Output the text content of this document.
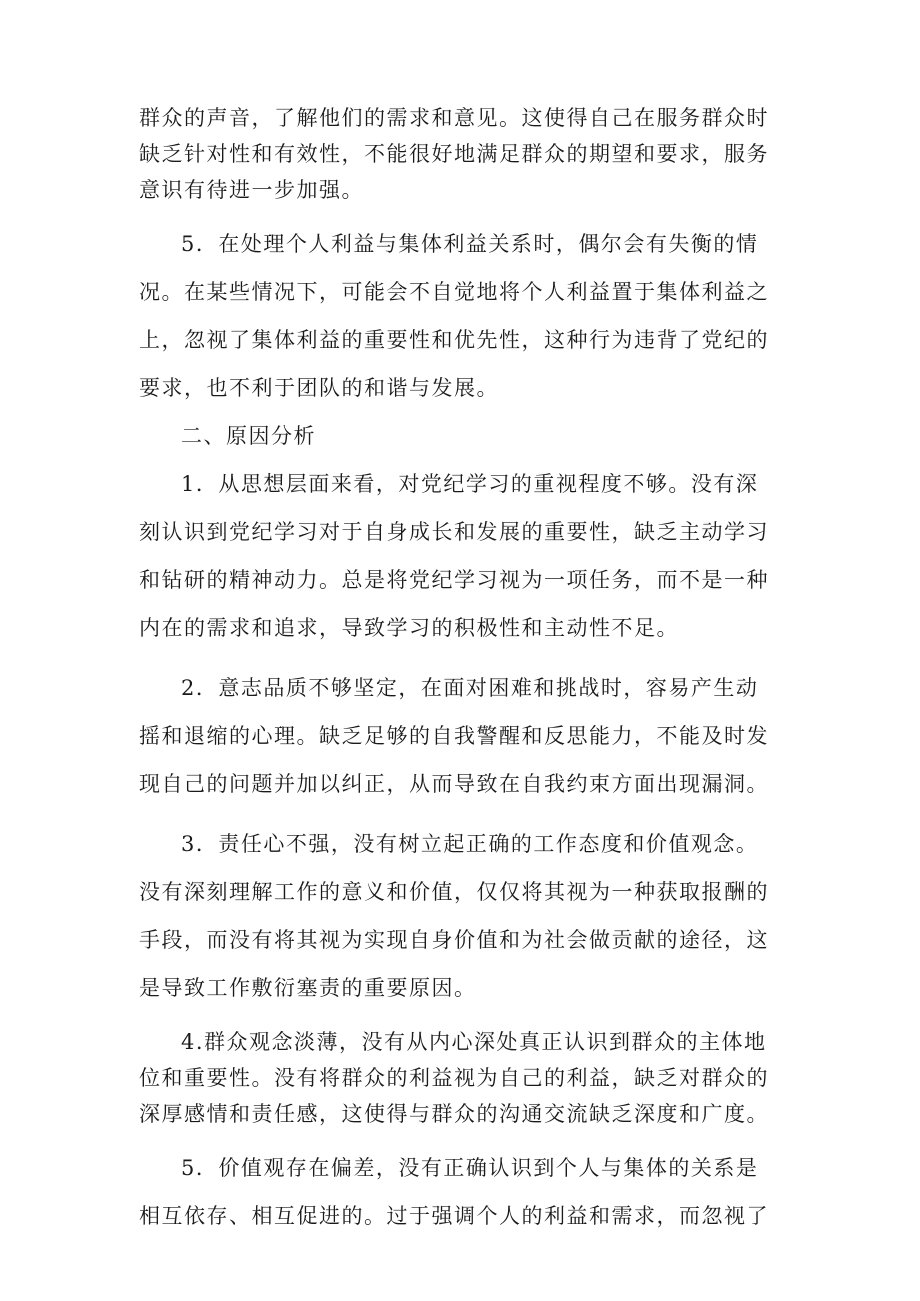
群众的声音，了解他们的需求和意见。这使得自己在服务群众时
缺乏针对性和有效性，不能很好地满足群众的期望和要求，服务
意识有待进一步加强。

5．在处理个人利益与集体利益关系时，偶尔会有失衡的情
况。在某些情况下，可能会不自觉地将个人利益置于集体利益之
上，忽视了集体利益的重要性和优先性，这种行为违背了党纪的
要求，也不利于团队的和谐与发展。

二、原因分析

1．从思想层面来看，对党纪学习的重视程度不够。没有深
刻认识到党纪学习对于自身成长和发展的重要性，缺乏主动学习
和钻研的精神动力。总是将党纪学习视为一项任务，而不是一种
内在的需求和追求，导致学习的积极性和主动性不足。

2．意志品质不够坚定，在面对困难和挑战时，容易产生动
摇和退缩的心理。缺乏足够的自我警醒和反思能力，不能及时发
现自己的问题并加以纠正，从而导致在自我约束方面出现漏洞。

3．责任心不强，没有树立起正确的工作态度和价值观念。
没有深刻理解工作的意义和价值，仅仅将其视为一种获取报酬的
手段，而没有将其视为实现自身价值和为社会做贡献的途径，这
是导致工作敷衍塞责的重要原因。

4.群众观念淡薄，没有从内心深处真正认识到群众的主体地
位和重要性。没有将群众的利益视为自己的利益，缺乏对群众的
深厚感情和责任感，这使得与群众的沟通交流缺乏深度和广度。

5．价值观存在偏差，没有正确认识到个人与集体的关系是
相互依存、相互促进的。过于强调个人的利益和需求，而忽视了
